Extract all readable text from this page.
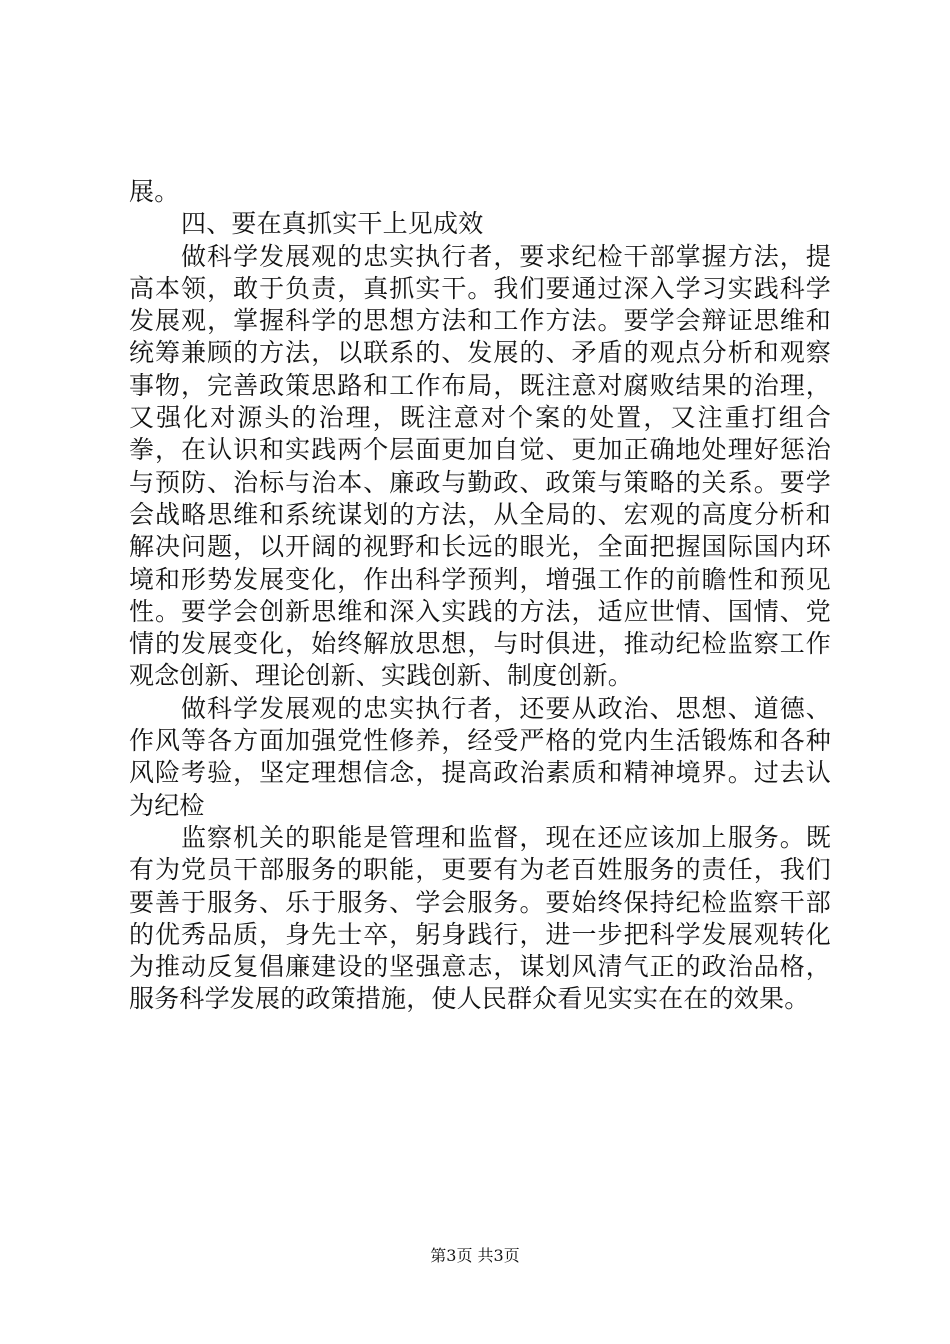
展。

四、要在真抓实干上见成效

做科学发展观的忠实执行者，要求纪检干部掌握方法，提高本领，敢于负责，真抓实干。我们要通过深入学习实践科学发展观，掌握科学的思想方法和工作方法。要学会辩证思维和统筹兼顾的方法，以联系的、发展的、矛盾的观点分析和观察事物，完善政策思路和工作布局，既注意对腐败结果的治理，又强化对源头的治理，既注意对个案的处置，又注重打组合拳，在认识和实践两个层面更加自觉、更加正确地处理好惩治与预防、治标与治本、廉政与勤政、政策与策略的关系。要学会战略思维和系统谋划的方法，从全局的、宏观的高度分析和解决问题，以开阔的视野和长远的眼光，全面把握国际国内环境和形势发展变化，作出科学预判，增强工作的前瞻性和预见性。要学会创新思维和深入实践的方法，适应世情、国情、党情的发展变化，始终解放思想，与时俱进，推动纪检监察工作观念创新、理论创新、实践创新、制度创新。

做科学发展观的忠实执行者，还要从政治、思想、道德、作风等各方面加强党性修养，经受严格的党内生活锻炼和各种风险考验，坚定理想信念，提高政治素质和精神境界。过去认为纪检

监察机关的职能是管理和监督，现在还应该加上服务。既有为党员干部服务的职能，更要有为老百姓服务的责任，我们要善于服务、乐于服务、学会服务。要始终保持纪检监察干部的优秀品质，身先士卒，躬身践行，进一步把科学发展观转化为推动反复倡廉建设的坚强意志，谋划风清气正的政治品格，服务科学发展的政策措施，使人民群众看见实实在在的效果。

第3页 共3页
